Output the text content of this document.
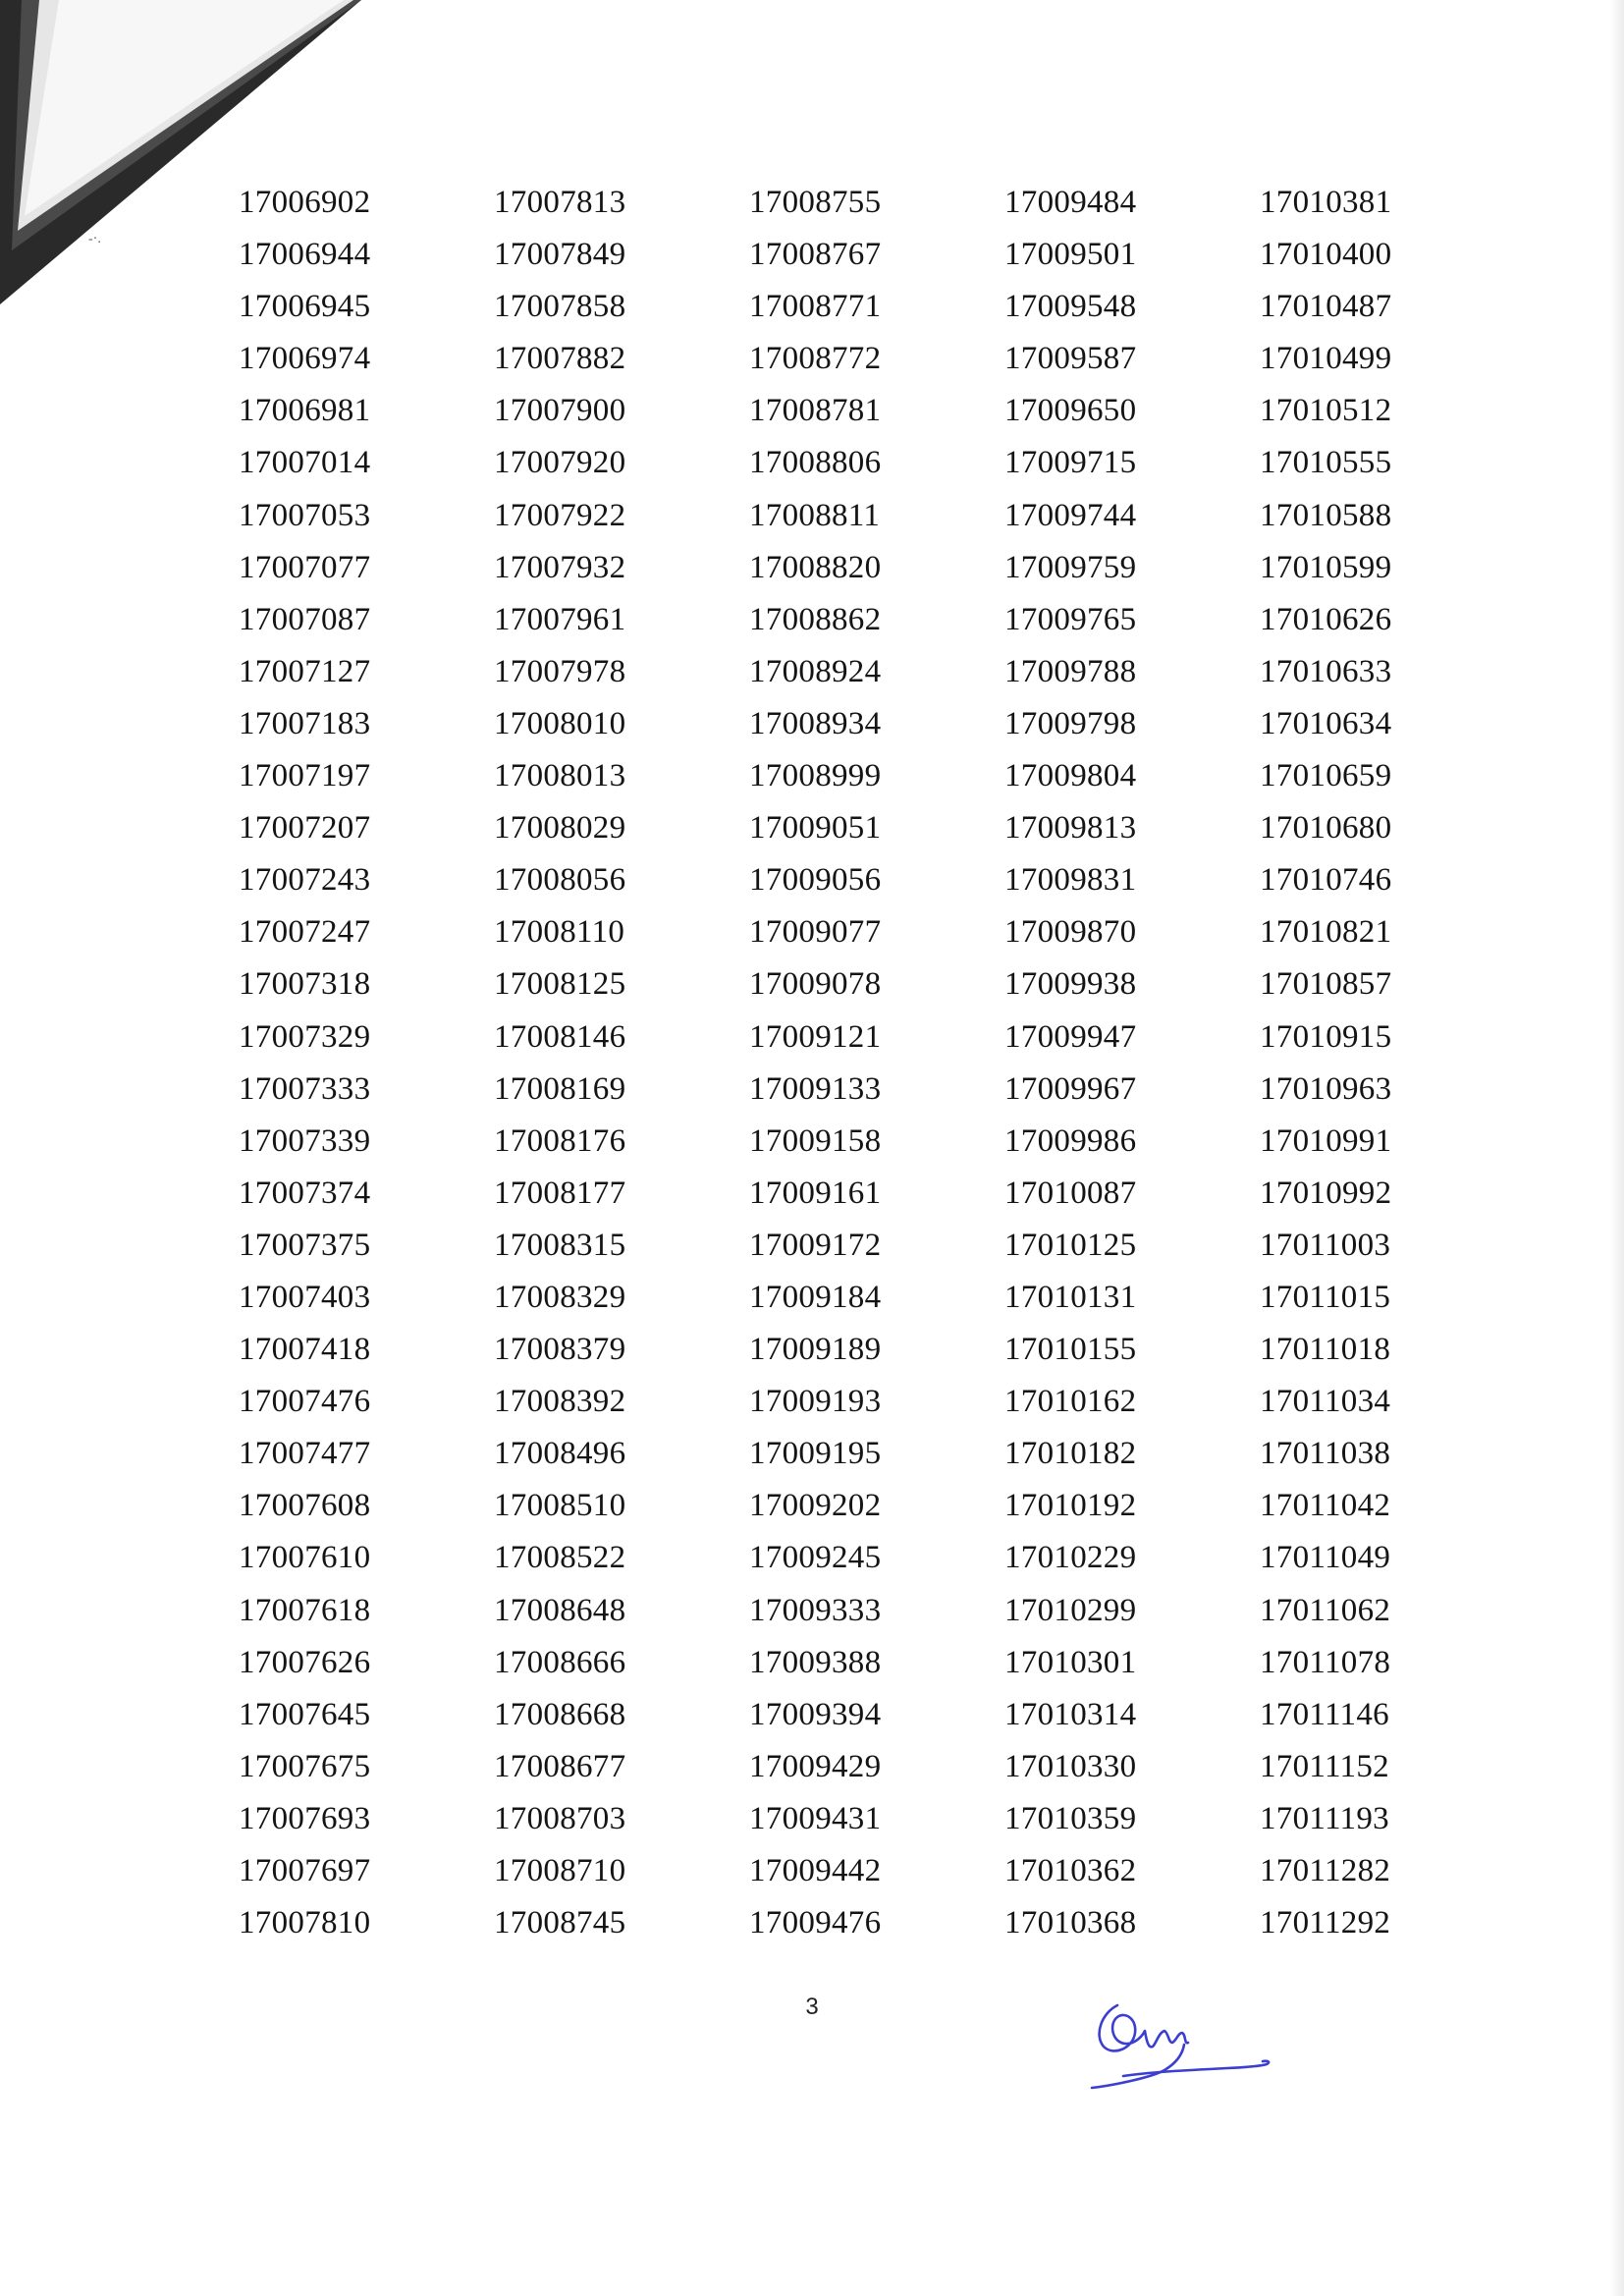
-·.
17006902
17006944
17006945
17006974
17006981
17007014
17007053
17007077
17007087
17007127
17007183
17007197
17007207
17007243
17007247
17007318
17007329
17007333
17007339
17007374
17007375
17007403
17007418
17007476
17007477
17007608
17007610
17007618
17007626
17007645
17007675
17007693
17007697
17007810
17007813
17007849
17007858
17007882
17007900
17007920
17007922
17007932
17007961
17007978
17008010
17008013
17008029
17008056
17008110
17008125
17008146
17008169
17008176
17008177
17008315
17008329
17008379
17008392
17008496
17008510
17008522
17008648
17008666
17008668
17008677
17008703
17008710
17008745
17008755
17008767
17008771
17008772
17008781
17008806
17008811
17008820
17008862
17008924
17008934
17008999
17009051
17009056
17009077
17009078
17009121
17009133
17009158
17009161
17009172
17009184
17009189
17009193
17009195
17009202
17009245
17009333
17009388
17009394
17009429
17009431
17009442
17009476
17009484
17009501
17009548
17009587
17009650
17009715
17009744
17009759
17009765
17009788
17009798
17009804
17009813
17009831
17009870
17009938
17009947
17009967
17009986
17010087
17010125
17010131
17010155
17010162
17010182
17010192
17010229
17010299
17010301
17010314
17010330
17010359
17010362
17010368
17010381
17010400
17010487
17010499
17010512
17010555
17010588
17010599
17010626
17010633
17010634
17010659
17010680
17010746
17010821
17010857
17010915
17010963
17010991
17010992
17011003
17011015
17011018
17011034
17011038
17011042
17011049
17011062
17011078
17011146
17011152
17011193
17011282
17011292
3
